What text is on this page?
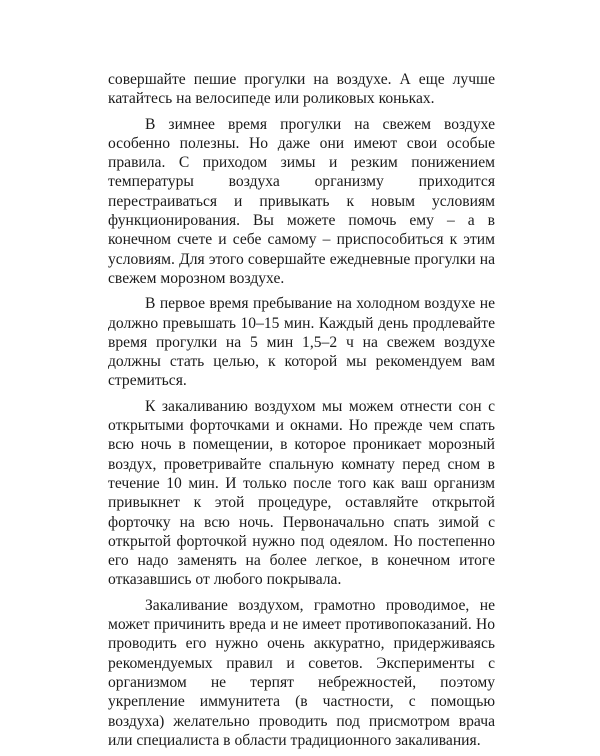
совершайте пешие прогулки на воздухе. А еще лучше катайтесь на велосипеде или роликовых коньках.

В зимнее время прогулки на свежем воздухе особенно полезны. Но даже они имеют свои особые правила. С приходом зимы и резким понижением температуры воздуха организму приходится перестраиваться и привыкать к новым условиям функционирования. Вы можете помочь ему – а в конечном счете и себе самому – приспособиться к этим условиям. Для этого совершайте ежедневные прогулки на свежем морозном воздухе.

В первое время пребывание на холодном воздухе не должно превышать 10–15 мин. Каждый день продлевайте время прогулки на 5 мин 1,5–2 ч на свежем воздухе должны стать целью, к которой мы рекомендуем вам стремиться.

К закаливанию воздухом мы можем отнести сон с открытыми форточками и окнами. Но прежде чем спать всю ночь в помещении, в которое проникает морозный воздух, проветривайте спальную комнату перед сном в течение 10 мин. И только после того как ваш организм привыкнет к этой процедуре, оставляйте открытой форточку на всю ночь. Первоначально спать зимой с открытой форточкой нужно под одеялом. Но постепенно его надо заменять на более легкое, в конечном итоге отказавшись от любого покрывала.

Закаливание воздухом, грамотно проводимое, не может причинить вреда и не имеет противопоказаний. Но проводить его нужно очень аккуратно, придерживаясь рекомендуемых правил и советов. Эксперименты с организмом не терпят небрежностей, поэтому укрепление иммунитета (в частности, с помощью воздуха) желательно проводить под присмотром врача или специалиста в области традиционного закаливания.
